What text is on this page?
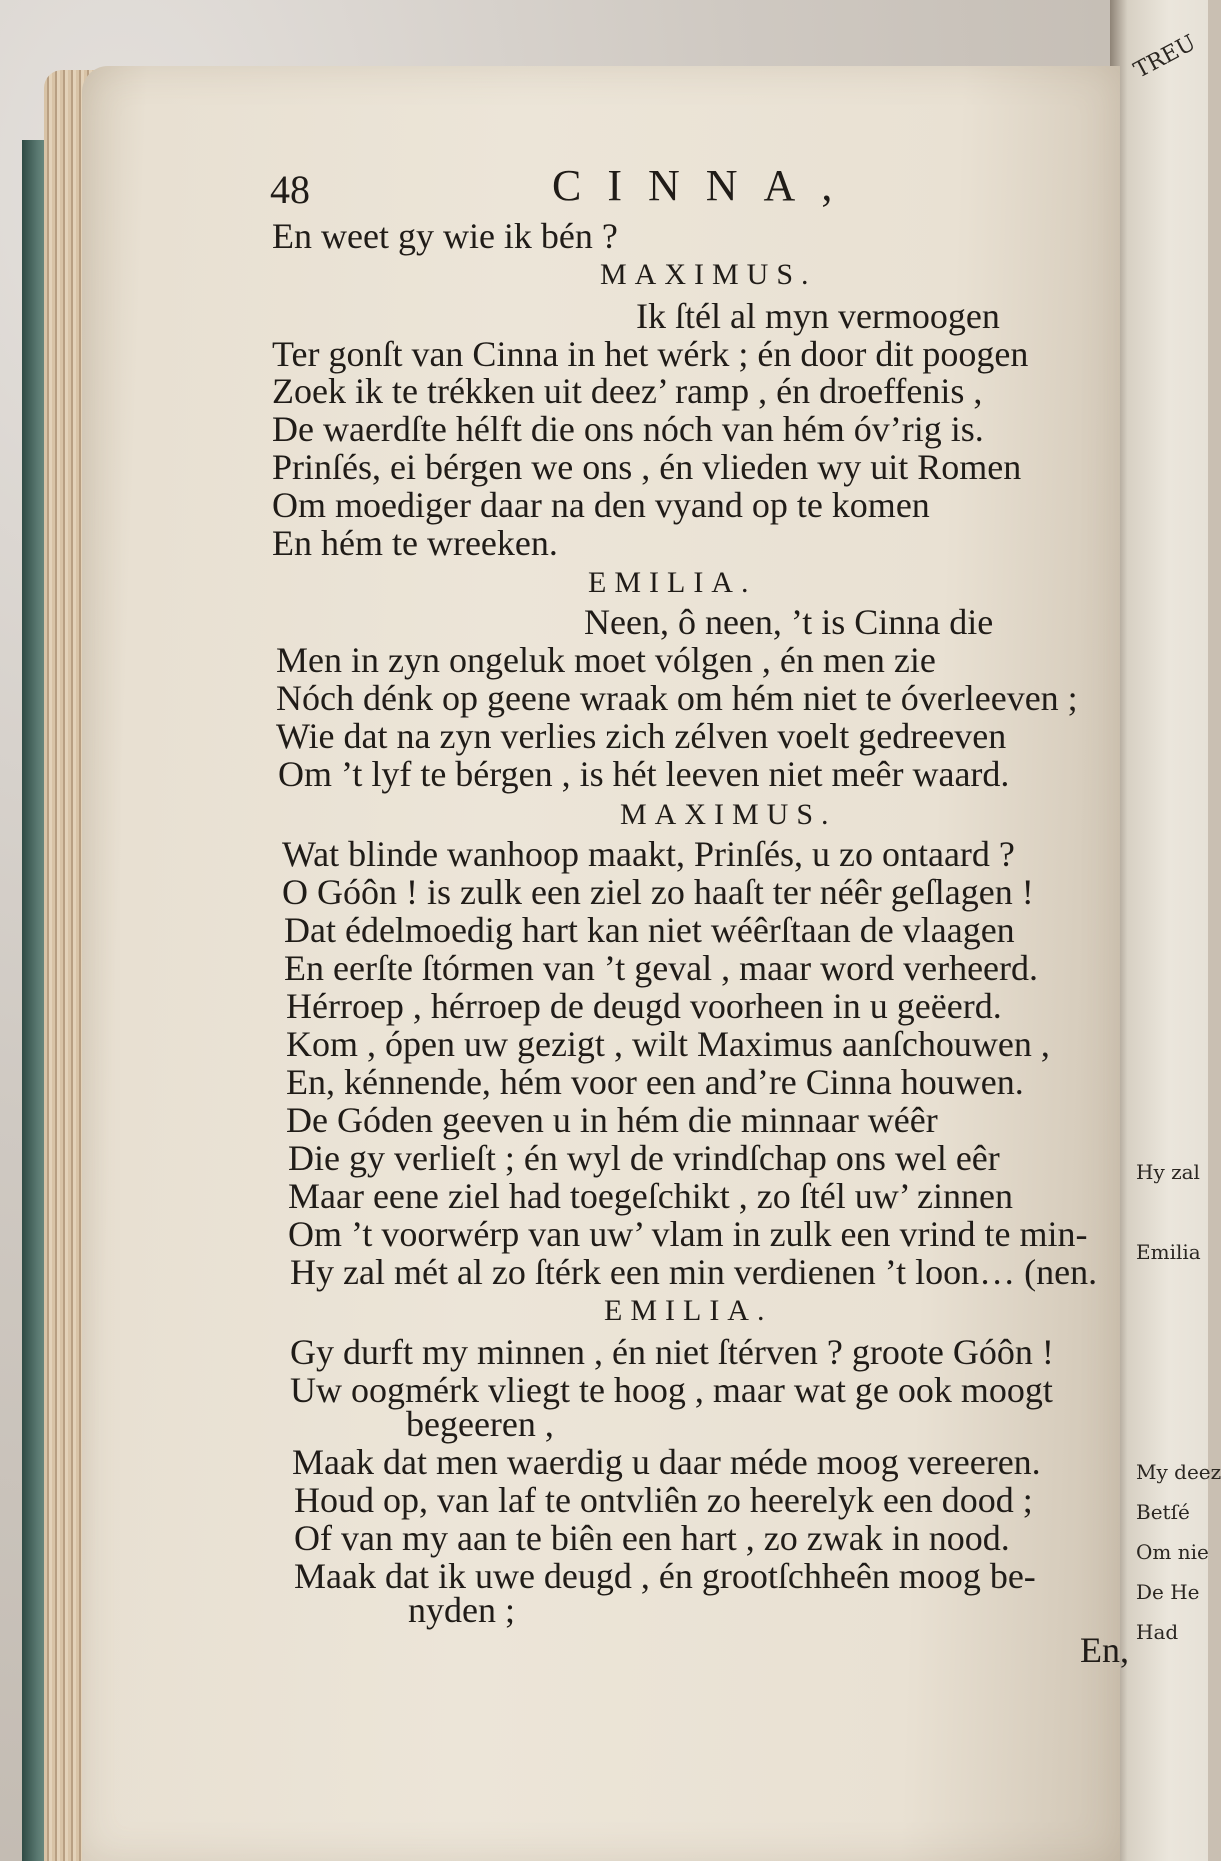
TREU
Hy zal
Emilia
My deez
Betſé
Om nie
De He
Had
48	CINNA,
En weet gy wie ik bén ?
MAXIMUS.
Ik ſtél al myn vermoogen
Ter gonſt van Cinna in het wérk ; én door dit poogen
Zoek ik te trékken uit deez’ ramp , én droeffenis ,
De waerdſte hélft die ons nóch van hém óv’rig is.
Prinſés, ei bérgen we ons , én vlieden wy uit Romen
Om moediger daar na den vyand op te komen
En hém te wreeken.
EMILIA.
Neen, ô neen, ’t is Cinna die
Men in zyn ongeluk moet vólgen , én men zie
Nóch dénk op geene wraak om hém niet te óverleeven ;
Wie dat na zyn verlies zich zélven voelt gedreeven
Om ’t lyf te bérgen , is hét leeven niet meêr waard.
MAXIMUS.
Wat blinde wanhoop maakt, Prinſés, u zo ontaard ?
O Góôn ! is zulk een ziel zo haaſt ter néêr geſlagen !
Dat édelmoedig hart kan niet wéêrſtaan de vlaagen
En eerſte ſtórmen van ’t geval , maar word verheerd.
Hérroep , hérroep de deugd voorheen in u geëerd.
Kom , ópen uw gezigt , wilt Maximus aanſchouwen ,
En, kénnende, hém voor een and’re Cinna houwen.
De Góden geeven u in hém die minnaar wéêr
Die gy verlieſt ; én wyl de vrindſchap ons wel eêr
Maar eene ziel had toegeſchikt , zo ſtél uw’ zinnen
Om ’t voorwérp van uw’ vlam in zulk een vrind te min-
Hy zal mét al zo ſtérk een min verdienen ’t loon… (nen.
EMILIA.
Gy durft my minnen , én niet ſtérven ? groote Góôn !
Uw oogmérk vliegt te hoog , maar wat ge ook moogt
begeeren ,
Maak dat men waerdig u daar méde moog vereeren.
Houd op, van laf te ontvliên zo heerelyk een dood ;
Of van my aan te biên een hart , zo zwak in nood.
Maak dat ik uwe deugd , én grootſchheên moog be-
nyden ;
En,
